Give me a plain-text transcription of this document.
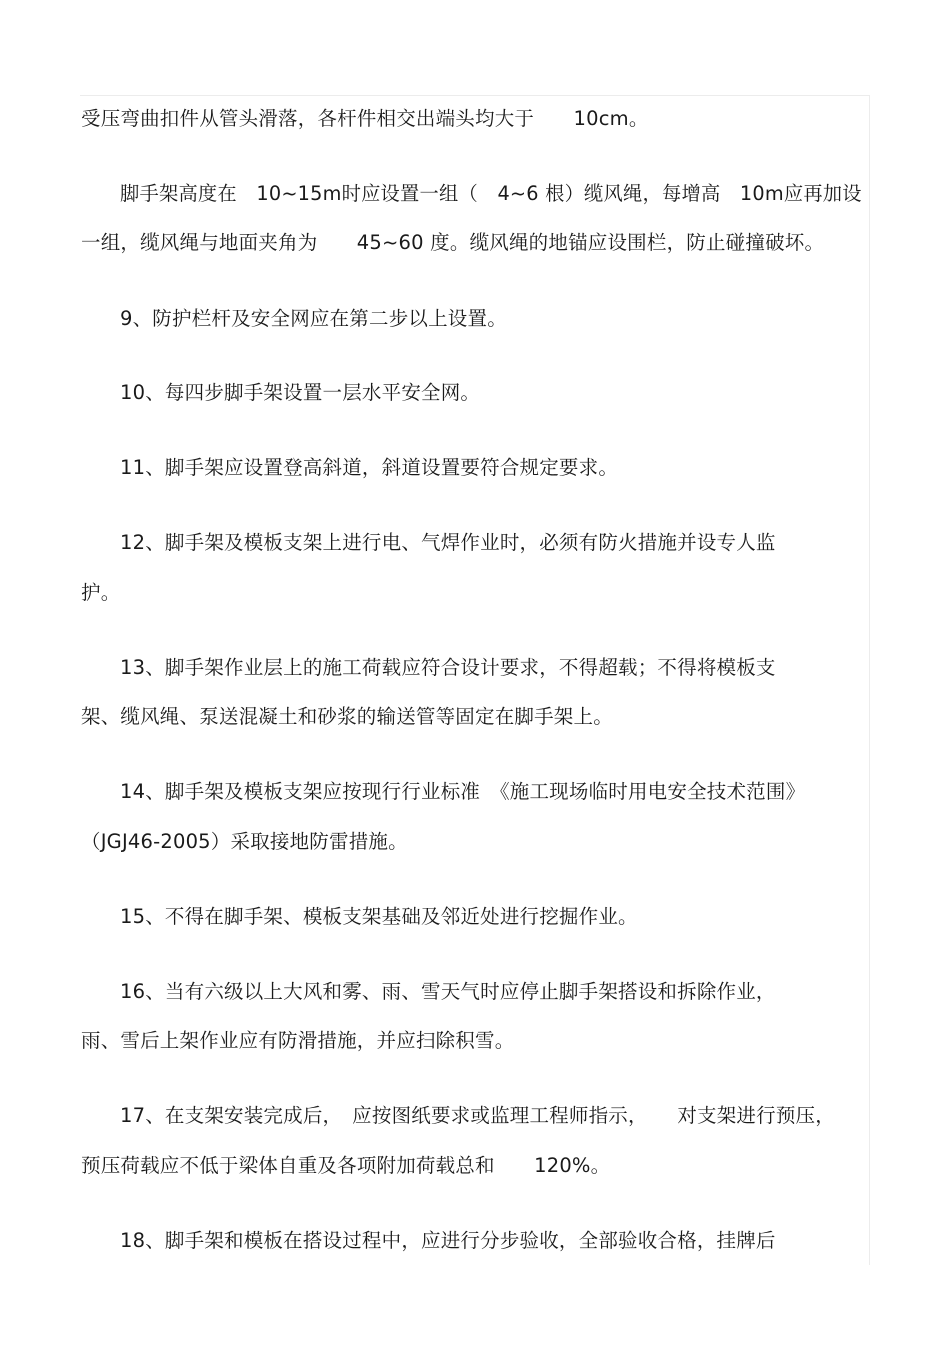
受压弯曲扣件从管头滑落，各杆件相交出端头均大于　　10cm。
脚手架高度在　10~15m时应设置一组（　4~6 根）缆风绳，每增高　10m应再加设
一组，缆风绳与地面夹角为　　45~60 度。缆风绳的地锚应设围栏，防止碰撞破坏。
9、防护栏杆及安全网应在第二步以上设置。
10、每四步脚手架设置一层水平安全网。
11、脚手架应设置登高斜道，斜道设置要符合规定要求。
12、脚手架及模板支架上进行电、气焊作业时，必须有防火措施并设专人监
护。
13、脚手架作业层上的施工荷载应符合设计要求，不得超载；不得将模板支
架、缆风绳、泵送混凝土和砂浆的输送管等固定在脚手架上。
14、脚手架及模板支架应按现行行业标准　《施工现场临时用电安全技术范围》
（JGJ46-2005）采取接地防雷措施。
15、不得在脚手架、模板支架基础及邻近处进行挖掘作业。
16、当有六级以上大风和雾、雨、雪天气时应停止脚手架搭设和拆除作业，
雨、雪后上架作业应有防滑措施，并应扫除积雪。
17、在支架安装完成后，　应按图纸要求或监理工程师指示，　　对支架进行预压，
预压荷载应不低于梁体自重及各项附加荷载总和　　120%。
18、脚手架和模板在搭设过程中，应进行分步验收，全部验收合格，挂牌后
